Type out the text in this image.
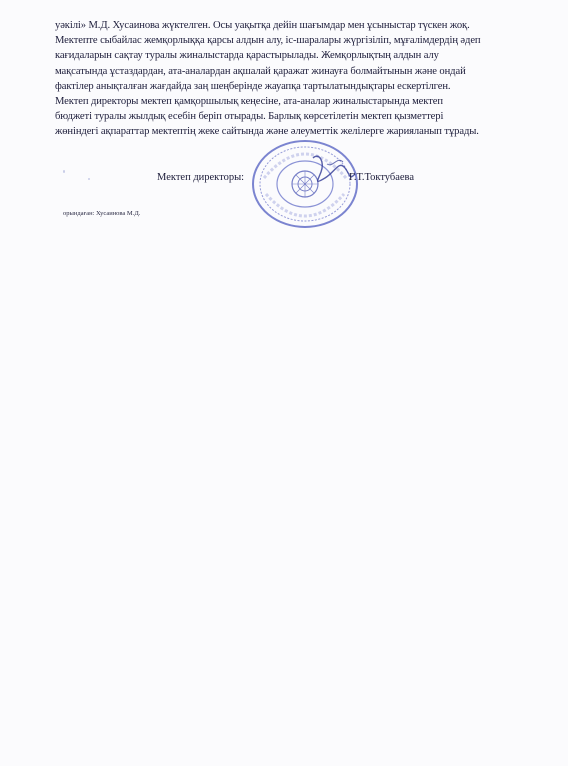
уәкілі» М.Д. Хусаинова жүктелген. Осы уақытқа дейін шағымдар мен ұсыныстар түскен жоқ.
Мектепте сыбайлас жемқорлыққа қарсы алдын алу, іс-шаралары жүргізіліп, мұғалімдердің әдеп
кағидаларын сақтау туралы жиналыстарда қарастырылады. Жемқорлықтың алдын алу
мақсатында ұстаздардан, ата-аналардан ақшалай қаражат жинауға болмайтынын және ондай
фактілер анықталған жағдайда заң шеңберінде жауапқа тартылатындықтары ескертілген.
Мектеп директоры мектеп қамқоршылық кеңесіне, ата-аналар жиналыстарында мектеп
бюджеті туралы жылдық есебін беріп отырады. Барлық көрсетілетін мектеп қызметтері
жөніндегі ақпараттар мектептің жеке сайтында және әлеуметтік желілерге жарияланып тұрады.
Мектеп директоры:	Г.Т.Токтубаева
орындаған: Хусаинова М.Д.
